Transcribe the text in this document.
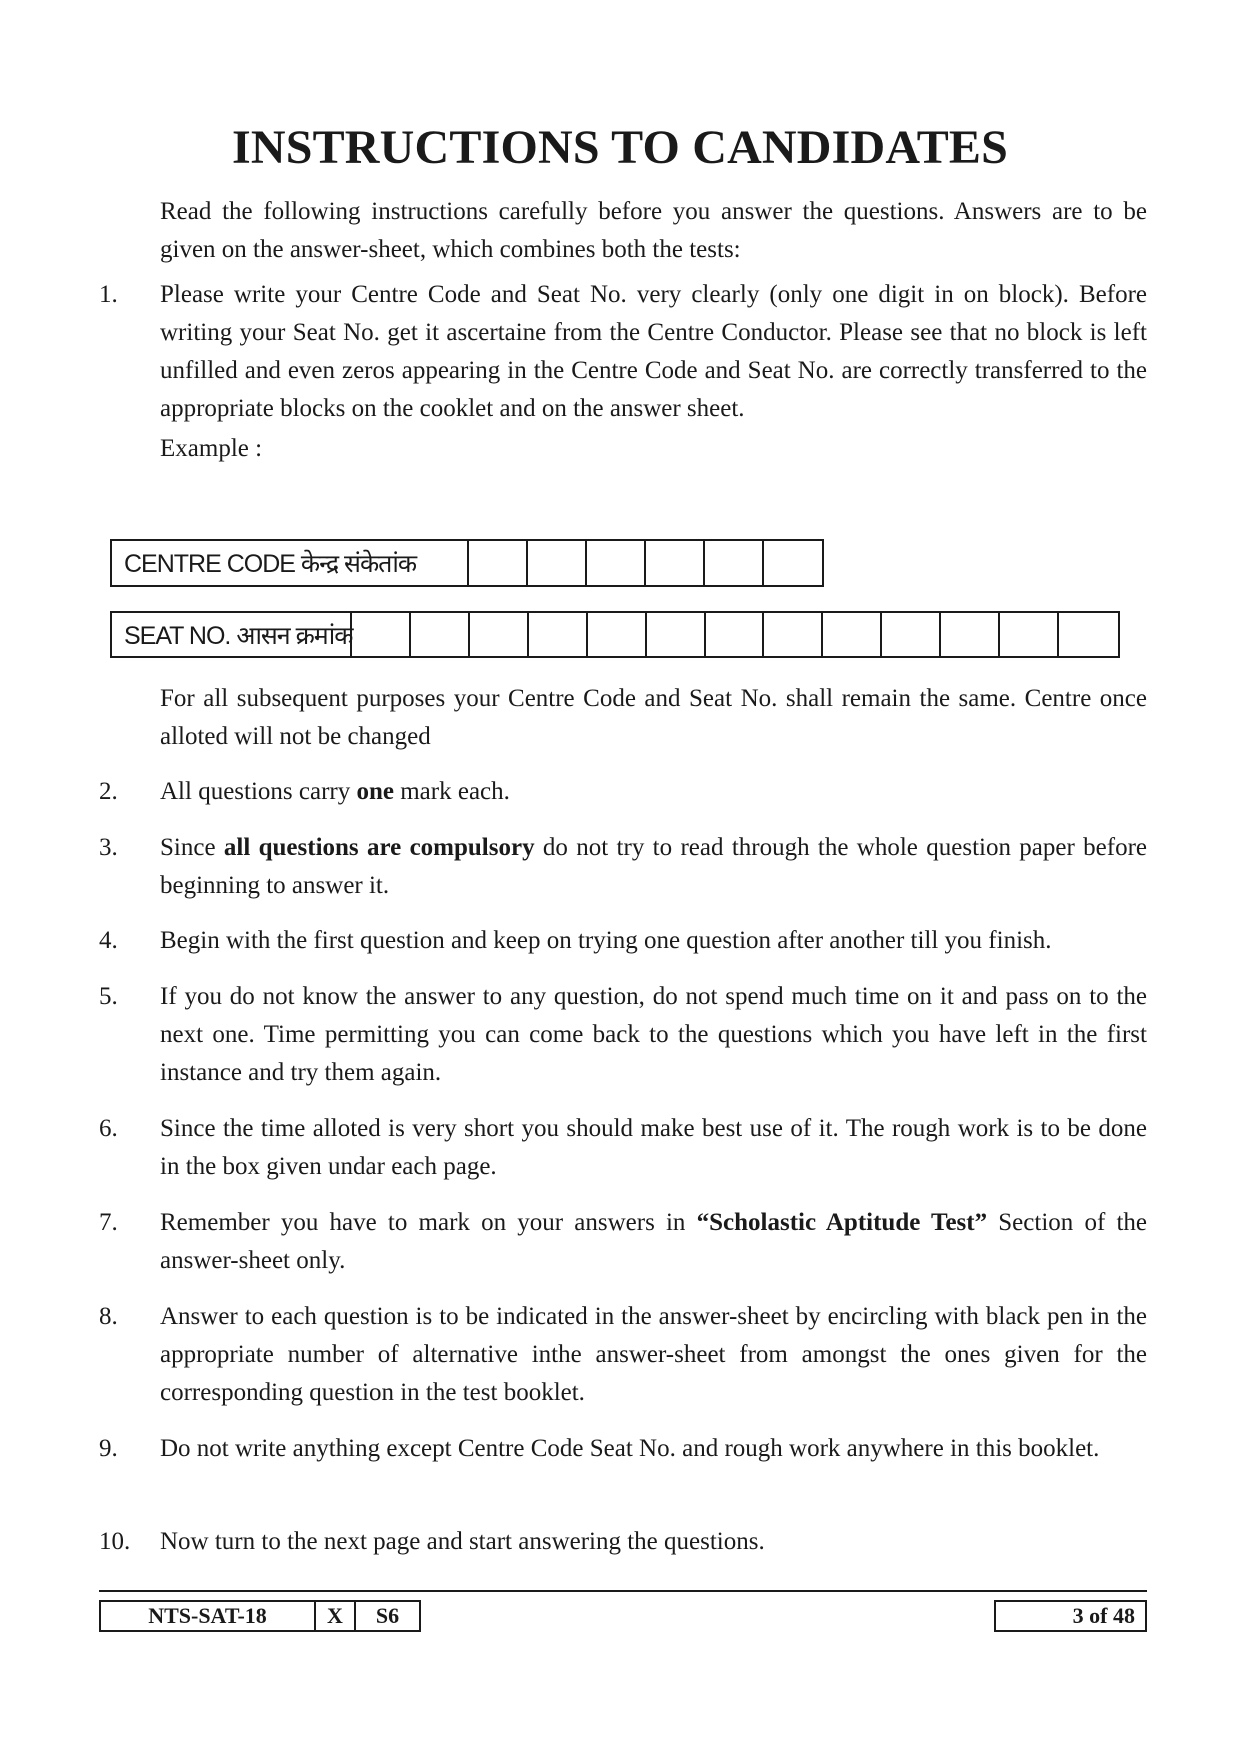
INSTRUCTIONS TO CANDIDATES

Read the following instructions carefully before you answer the questions. Answers are to be given on the answer-sheet, which combines both the tests:

1. Please write your Centre Code and Seat No. very clearly (only one digit in on block). Before writing your Seat No. get it ascertaine from the Centre Conductor. Please see that no block is left unfilled and even zeros appearing in the Centre Code and Seat No. are correctly transferred to the appropriate blocks on the cooklet and on the answer sheet.

Example :

CENTRE CODE केन्द्र संकेतांक
SEAT NO. आसन क्रमांक

For all subsequent purposes your Centre Code and Seat No. shall remain the same. Centre once alloted will not be changed

2. All questions carry one mark each.
3. Since all questions are compulsory do not try to read through the whole question paper before beginning to answer it.
4. Begin with the first question and keep on trying one question after another till you finish.
5. If you do not know the answer to any question, do not spend much time on it and pass on to the next one. Time permitting you can come back to the questions which you have left in the first instance and try them again.
6. Since the time alloted is very short you should make best use of it. The rough work is to be done in the box given undar each page.
7. Remember you have to mark on your answers in “Scholastic Aptitude Test” Section of the answer-sheet only.
8. Answer to each question is to be indicated in the answer-sheet by encircling with black pen in the appropriate number of alternative inthe answer-sheet from amongst the ones given for the corresponding question in the test booklet.
9. Do not write anything except Centre Code Seat No. and rough work anywhere in this booklet.
10. Now turn to the next page and start answering the questions.
NTS-SAT-18	X	S6	3 of 48
